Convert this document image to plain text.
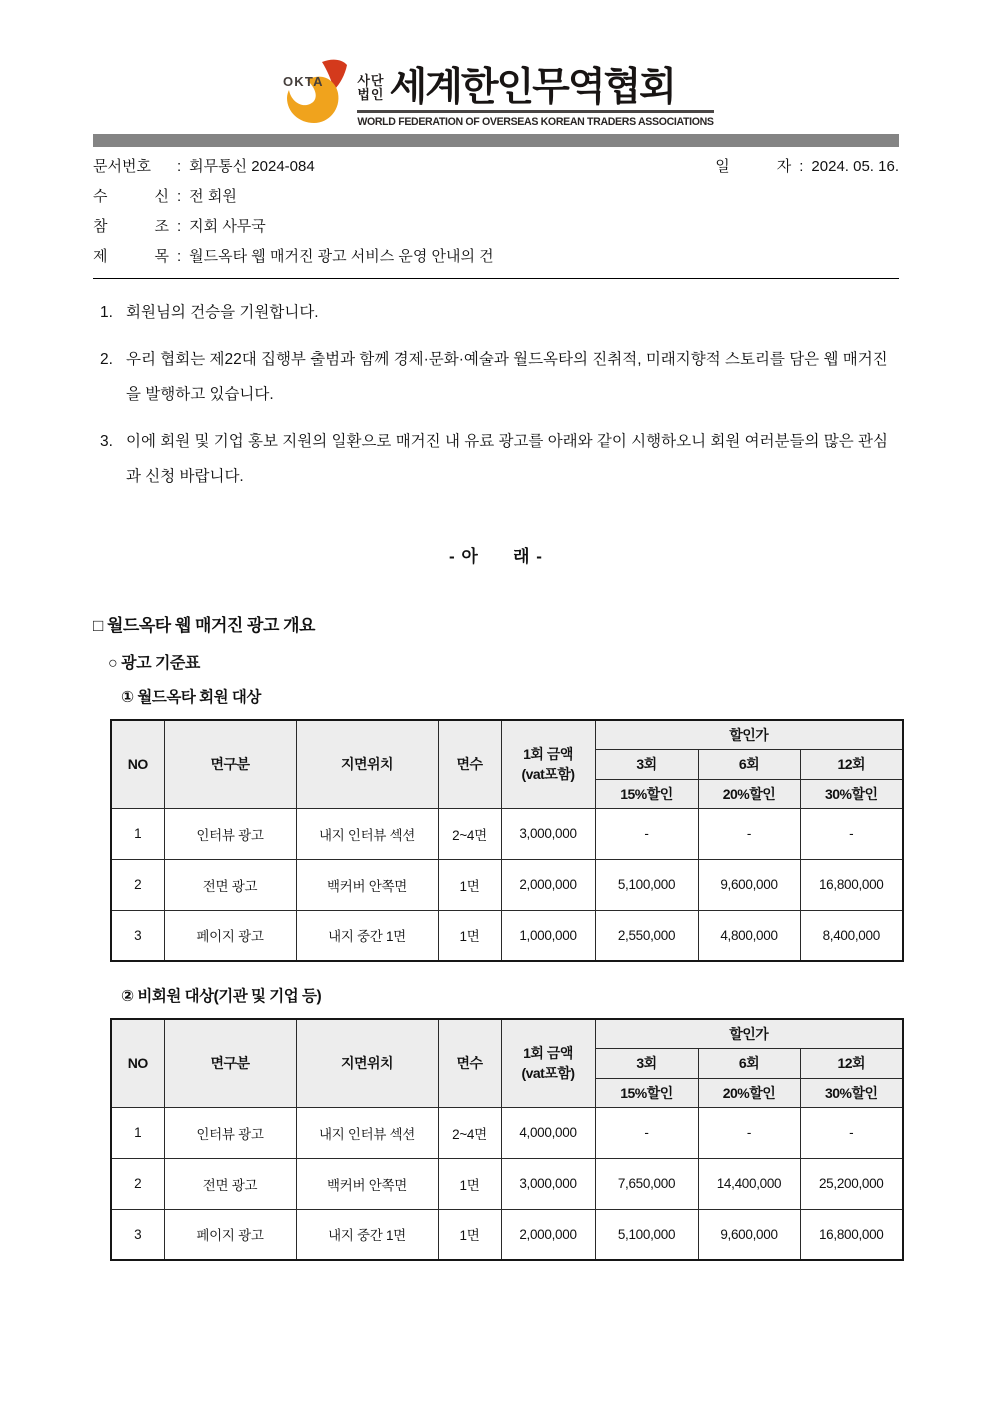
OKTA	사단
법인 세계한인무역협회
WORLD FEDERATION OF OVERSEAS KOREAN TRADERS ASSOCIATIONS
문서번호	: 회무통신 2024-084	일 자 : 2024. 05. 16.
수 신 : 전 회원
참 조 : 지회 사무국
제 목 : 월드옥타 웹 매거진 광고 서비스 운영 안내의 건
1. 회원님의 건승을 기원합니다.
2. 우리 협회는 제22대 집행부 출범과 함께 경제·문화·예술과 월드옥타의 진취적, 미래지향적 스토리를 담은 웹 매거진을 발행하고 있습니다.
3. 이에 회원 및 기업 홍보 지원의 일환으로 매거진 내 유료 광고를 아래와 같이 시행하오니 회원 여러분들의 많은 관심과 신청 바랍니다.
- 아      래 -
□ 월드옥타 웹 매거진 광고 개요
○ 광고 기준표
① 월드옥타 회원 대상
NO	면구분	지면위치	면수	1회 금액
(vat포함)	할인가		
					3회	6회	12회
					15%할인	20%할인	30%할인
1	인터뷰 광고	내지 인터뷰 섹션	2~4면	3,000,000	-	-	-
2	전면 광고	백커버 안쪽면	1면	2,000,000	5,100,000	9,600,000	16,800,000
3	페이지 광고	내지 중간 1면	1면	1,000,000	2,550,000	4,800,000	8,400,000
② 비회원 대상(기관 및 기업 등)
NO	면구분	지면위치	면수	1회 금액
(vat포함)	할인가		
					3회	6회	12회
					15%할인	20%할인	30%할인
1	인터뷰 광고	내지 인터뷰 섹션	2~4면	4,000,000	-	-	-
2	전면 광고	백커버 안쪽면	1면	3,000,000	7,650,000	14,400,000	25,200,000
3	페이지 광고	내지 중간 1면	1면	2,000,000	5,100,000	9,600,000	16,800,000
